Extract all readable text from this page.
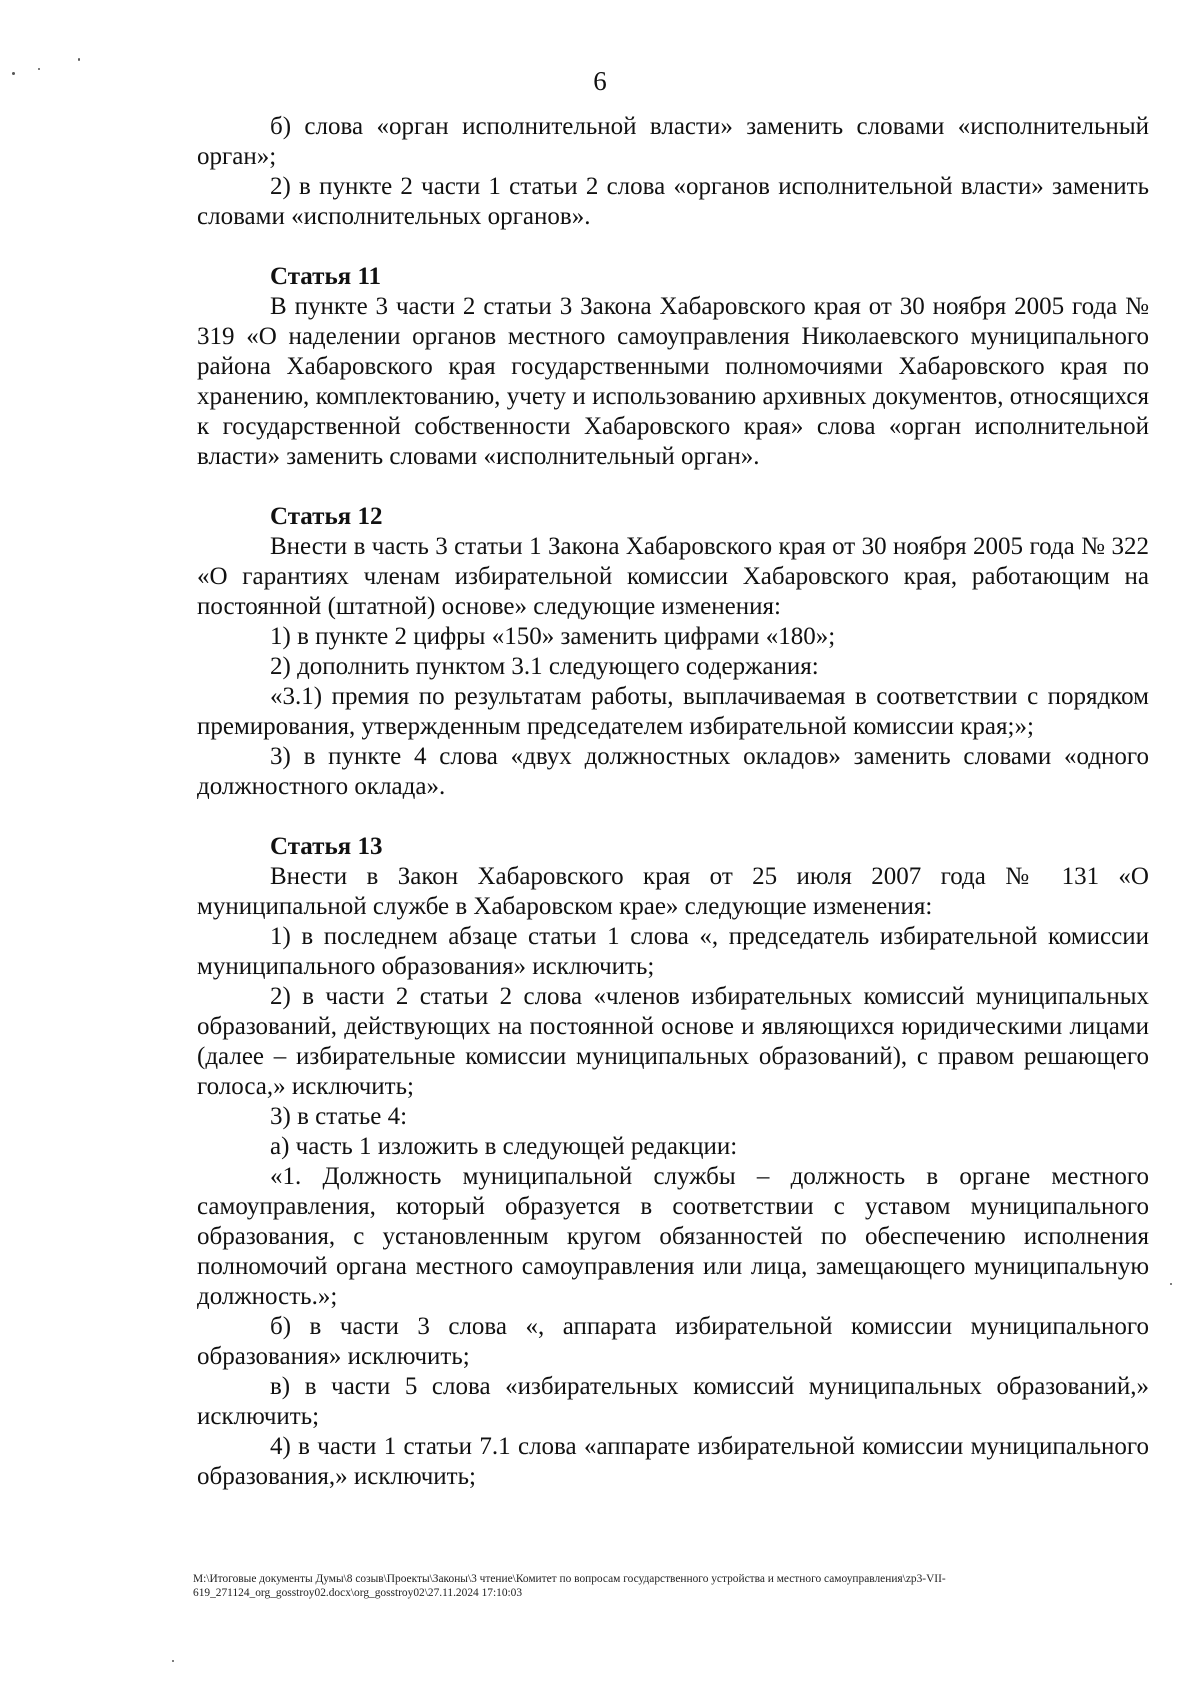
6

б) слова «орган исполнительной власти» заменить словами «исполнительный орган»;

2) в пункте 2 части 1 статьи 2 слова «органов исполнительной власти» заменить словами «исполнительных органов».

Статья 11

В пункте 3 части 2 статьи 3 Закона Хабаровского края от 30 ноября 2005 года № 319 «О наделении органов местного самоуправления Николаевского муниципального района Хабаровского края государственными полномочиями Хабаровского края по хранению, комплектованию, учету и использованию архивных документов, относящихся к государственной собственности Хабаровского края» слова «орган исполнительной власти» заменить словами «исполнительный орган».

Статья 12

Внести в часть 3 статьи 1 Закона Хабаровского края от 30 ноября 2005 года № 322 «О гарантиях членам избирательной комиссии Хабаровского края, работающим на постоянной (штатной) основе» следующие изменения:

1) в пункте 2 цифры «150» заменить цифрами «180»;

2) дополнить пунктом 3.1 следующего содержания:

«3.1) премия по результатам работы, выплачиваемая в соответствии с порядком премирования, утвержденным председателем избирательной комиссии края;»;

3) в пункте 4 слова «двух должностных окладов» заменить словами «одного должностного оклада».

Статья 13

Внести в Закон Хабаровского края от 25 июля 2007 года № 131 «О муниципальной службе в Хабаровском крае» следующие изменения:

1) в последнем абзаце статьи 1 слова «, председатель избирательной комиссии муниципального образования» исключить;

2) в части 2 статьи 2 слова «членов избирательных комиссий муниципальных образований, действующих на постоянной основе и являющихся юридическими лицами (далее – избирательные комиссии муниципальных образований), с правом решающего голоса,» исключить;

3) в статье 4:

а) часть 1 изложить в следующей редакции:

«1. Должность муниципальной службы – должность в органе местного самоуправления, который образуется в соответствии с уставом муниципального образования, с установленным кругом обязанностей по обеспечению исполнения полномочий органа местного самоуправления или лица, замещающего муниципальную должность.»;

б) в части 3 слова «, аппарата избирательной комиссии муниципального образования» исключить;

в) в части 5 слова «избирательных комиссий муниципальных образований,» исключить;

4) в части 1 статьи 7.1 слова «аппарате избирательной комиссии муниципального образования,» исключить;

М:\Итоговые документы Думы\8 созыв\Проекты\Законы\3 чтение\Комитет по вопросам государственного устройства и местного самоуправления\zp3-VII-
619_271124_org_gosstroy02.docx\org_gosstroy02\27.11.2024 17:10:03
